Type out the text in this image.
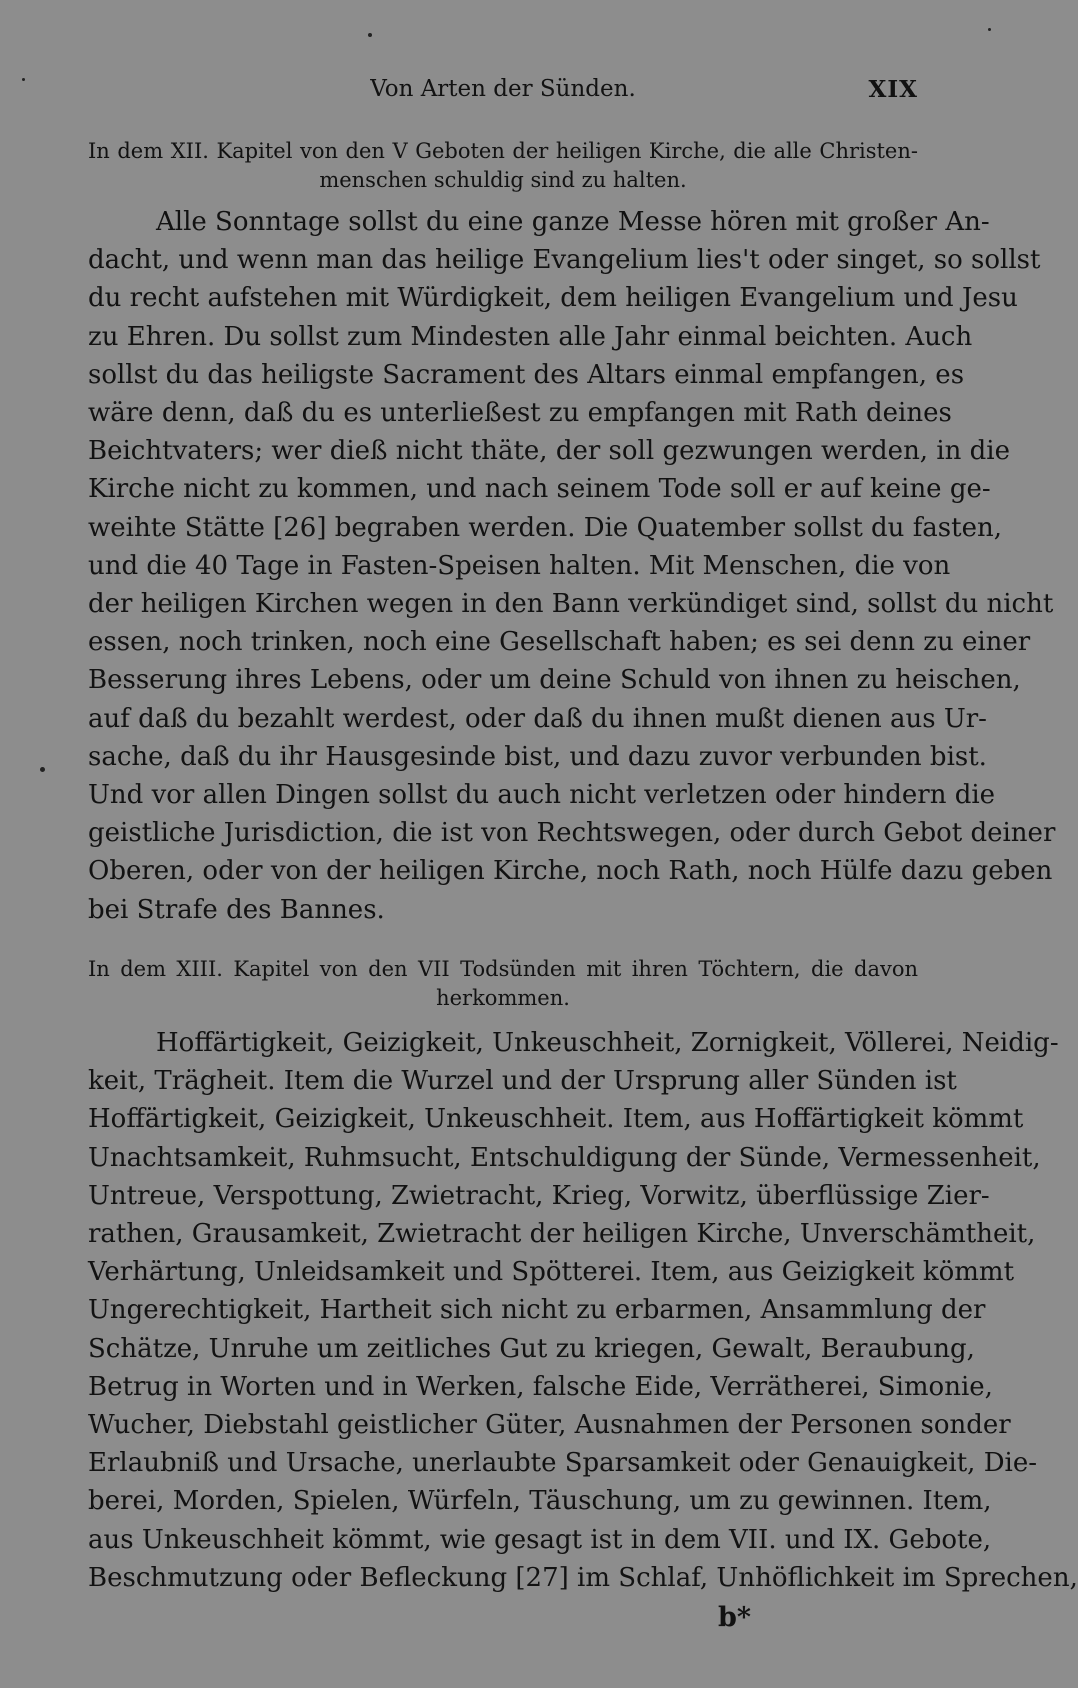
Von Arten der Sünden.	XIX

In dem XII. Kapitel von den V Geboten der heiligen Kirche, die alle Christen-
menschen schuldig sind zu halten.

Alle Sonntage sollst du eine ganze Messe hören mit großer An-
dacht, und wenn man das heilige Evangelium lies't oder singet, so sollst
du recht aufstehen mit Würdigkeit, dem heiligen Evangelium und Jesu
zu Ehren. Du sollst zum Mindesten alle Jahr einmal beichten. Auch
sollst du das heiligste Sacrament des Altars einmal empfangen, es
wäre denn, daß du es unterließest zu empfangen mit Rath deines
Beichtvaters; wer dieß nicht thäte, der soll gezwungen werden, in die
Kirche nicht zu kommen, und nach seinem Tode soll er auf keine ge-
weihte Stätte [26] begraben werden. Die Quatember sollst du fasten,
und die 40 Tage in Fasten-Speisen halten. Mit Menschen, die von
der heiligen Kirchen wegen in den Bann verkündiget sind, sollst du nicht
essen, noch trinken, noch eine Gesellschaft haben; es sei denn zu einer
Besserung ihres Lebens, oder um deine Schuld von ihnen zu heischen,
auf daß du bezahlt werdest, oder daß du ihnen mußt dienen aus Ur-
sache, daß du ihr Hausgesinde bist, und dazu zuvor verbunden bist.
Und vor allen Dingen sollst du auch nicht verletzen oder hindern die
geistliche Jurisdiction, die ist von Rechtswegen, oder durch Gebot deiner
Oberen, oder von der heiligen Kirche, noch Rath, noch Hülfe dazu geben
bei Strafe des Bannes.

In dem XIII. Kapitel von den VII Todsünden mit ihren Töchtern, die davon
herkommen.

Hoffärtigkeit, Geizigkeit, Unkeuschheit, Zornigkeit, Völlerei, Neidig-
keit, Trägheit. Item die Wurzel und der Ursprung aller Sünden ist
Hoffärtigkeit, Geizigkeit, Unkeuschheit. Item, aus Hoffärtigkeit kömmt
Unachtsamkeit, Ruhmsucht, Entschuldigung der Sünde, Vermessenheit,
Untreue, Verspottung, Zwietracht, Krieg, Vorwitz, überflüssige Zier-
rathen, Grausamkeit, Zwietracht der heiligen Kirche, Unverschämtheit,
Verhärtung, Unleidsamkeit und Spötterei. Item, aus Geizigkeit kömmt
Ungerechtigkeit, Hartheit sich nicht zu erbarmen, Ansammlung der
Schätze, Unruhe um zeitliches Gut zu kriegen, Gewalt, Beraubung,
Betrug in Worten und in Werken, falsche Eide, Verrätherei, Simonie,
Wucher, Diebstahl geistlicher Güter, Ausnahmen der Personen sonder
Erlaubniß und Ursache, unerlaubte Sparsamkeit oder Genauigkeit, Die-
berei, Morden, Spielen, Würfeln, Täuschung, um zu gewinnen. Item,
aus Unkeuschheit kömmt, wie gesagt ist in dem VII. und IX. Gebote,
Beschmutzung oder Befleckung [27] im Schlaf, Unhöflichkeit im Sprechen,

b*
